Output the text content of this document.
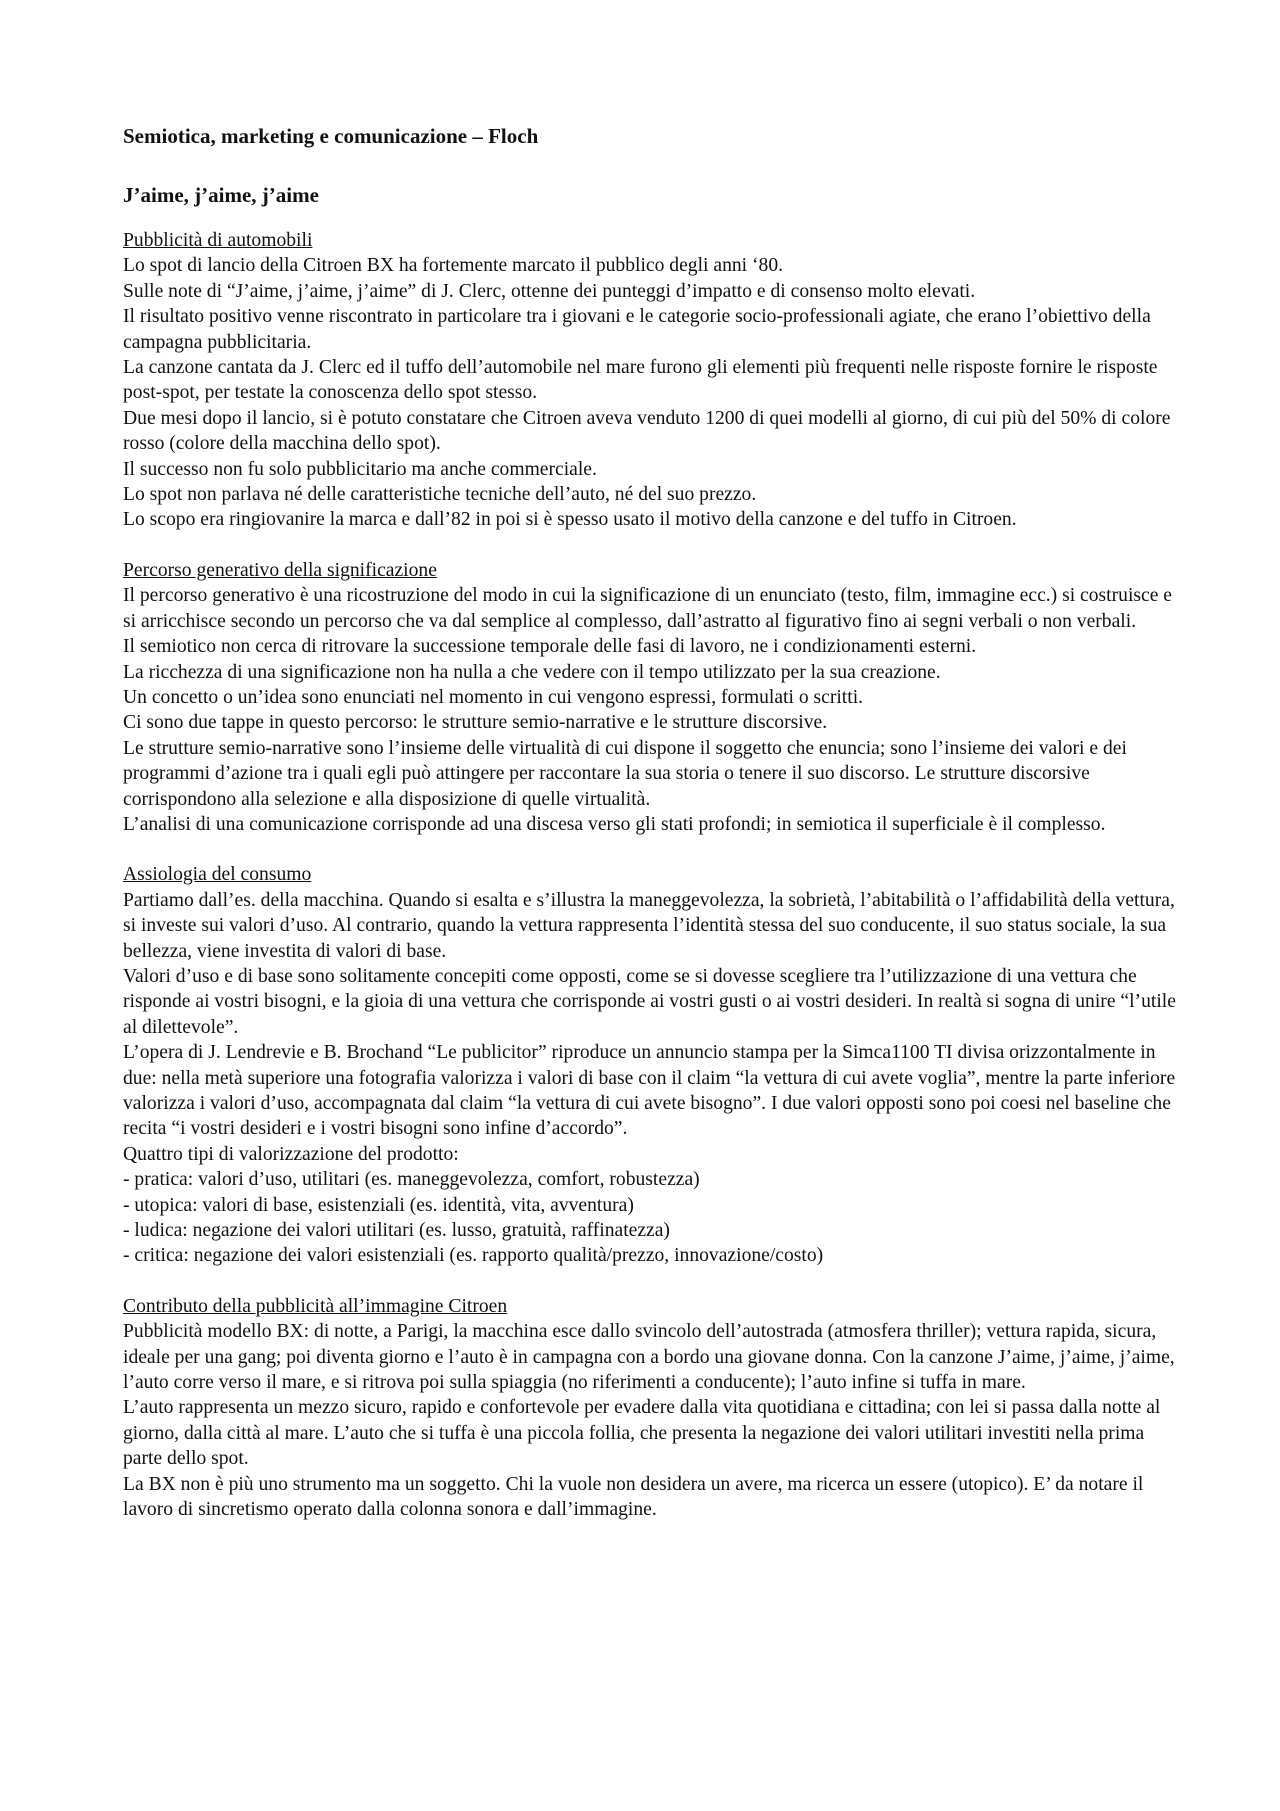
Semiotica, marketing e comunicazione – Floch
J’aime, j’aime, j’aime

Pubblicità di automobili

Lo spot di lancio della Citroen BX ha fortemente marcato il pubblico degli anni ‘80.

Sulle note di “J’aime, j’aime, j’aime” di J. Clerc, ottenne dei punteggi d’impatto e di consenso molto elevati.

Il risultato positivo venne riscontrato in particolare tra i giovani e le categorie socio-professionali agiate, che erano l’obiettivo della campagna pubblicitaria.

La canzone cantata da J. Clerc ed il tuffo dell’automobile nel mare furono gli elementi più frequenti nelle risposte fornire le risposte post-spot, per testate la conoscenza dello spot stesso.

Due mesi dopo il lancio, si è potuto constatare che Citroen aveva venduto 1200 di quei modelli al giorno, di cui più del 50% di colore rosso (colore della macchina dello spot).

Il successo non fu solo pubblicitario ma anche commerciale.

Lo spot non parlava né delle caratteristiche tecniche dell’auto, né del suo prezzo.

Lo scopo era ringiovanire la marca e dall’82 in poi si è spesso usato il motivo della canzone e del tuffo in Citroen.

Percorso generativo della significazione

Il percorso generativo è una ricostruzione del modo in cui la significazione di un enunciato (testo, film, immagine ecc.) si costruisce e si arricchisce secondo un percorso che va dal semplice al complesso, dall’astratto al figurativo fino ai segni verbali o non verbali.

Il semiotico non cerca di ritrovare la successione temporale delle fasi di lavoro, ne i condizionamenti esterni.

La ricchezza di una significazione non ha nulla a che vedere con il tempo utilizzato per la sua creazione.

Un concetto o un’idea sono enunciati nel momento in cui vengono espressi, formulati o scritti.

Ci sono due tappe in questo percorso: le strutture semio-narrative e le strutture discorsive.

Le strutture semio-narrative sono l’insieme delle virtualità di cui dispone il soggetto che enuncia; sono l’insieme dei valori e dei programmi d’azione tra i quali egli può attingere per raccontare la sua storia o tenere il suo discorso. Le strutture discorsive corrispondono alla selezione e alla disposizione di quelle virtualità.

L’analisi di una comunicazione corrisponde ad una discesa verso gli stati profondi; in semiotica il superficiale è il complesso.

Assiologia del consumo

Partiamo dall’es. della macchina. Quando si esalta e s’illustra la maneggevolezza, la sobrietà, l’abitabilità o l’affidabilità della vettura, si investe sui valori d’uso. Al contrario, quando la vettura rappresenta l’identità stessa del suo conducente, il suo status sociale, la sua bellezza, viene investita di valori di base.

Valori d’uso e di base sono solitamente concepiti come opposti, come se si dovesse scegliere tra l’utilizzazione di una vettura che risponde ai vostri bisogni, e la gioia di una vettura che corrisponde ai vostri gusti o ai vostri desideri. In realtà si sogna di unire “l’utile al dilettevole”.

L’opera di J. Lendrevie e B. Brochand “Le publicitor” riproduce un annuncio stampa per la Simca1100 TI divisa orizzontalmente in due: nella metà superiore una fotografia valorizza i valori di base con il claim “la vettura di cui avete voglia”, mentre la parte inferiore valorizza i valori d’uso, accompagnata dal claim “la vettura di cui avete bisogno”. I due valori opposti sono poi coesi nel baseline che recita “i vostri desideri e i vostri bisogni sono infine d’accordo”.

Quattro tipi di valorizzazione del prodotto:

- pratica: valori d’uso, utilitari (es. maneggevolezza, comfort, robustezza)
- utopica: valori di base, esistenziali (es. identità, vita, avventura)
- ludica: negazione dei valori utilitari (es. lusso, gratuità, raffinatezza)
- critica: negazione dei valori esistenziali (es. rapporto qualità/prezzo, innovazione/costo)

Contributo della pubblicità all’immagine Citroen

Pubblicità modello BX: di notte, a Parigi, la macchina esce dallo svincolo dell’autostrada (atmosfera thriller); vettura rapida, sicura, ideale per una gang; poi diventa giorno e l’auto è in campagna con a bordo una giovane donna. Con la canzone J’aime, j’aime, j’aime, l’auto corre verso il mare, e si ritrova poi sulla spiaggia (no riferimenti a conducente); l’auto infine si tuffa in mare.

L’auto rappresenta un mezzo sicuro, rapido e confortevole per evadere dalla vita quotidiana e cittadina; con lei si passa dalla notte al giorno, dalla città al mare. L’auto che si tuffa è una piccola follia, che presenta la negazione dei valori utilitari investiti nella prima parte dello spot.

La BX non è più uno strumento ma un soggetto. Chi la vuole non desidera un avere, ma ricerca un essere (utopico). E’ da notare il lavoro di sincretismo operato dalla colonna sonora e dall’immagine.
